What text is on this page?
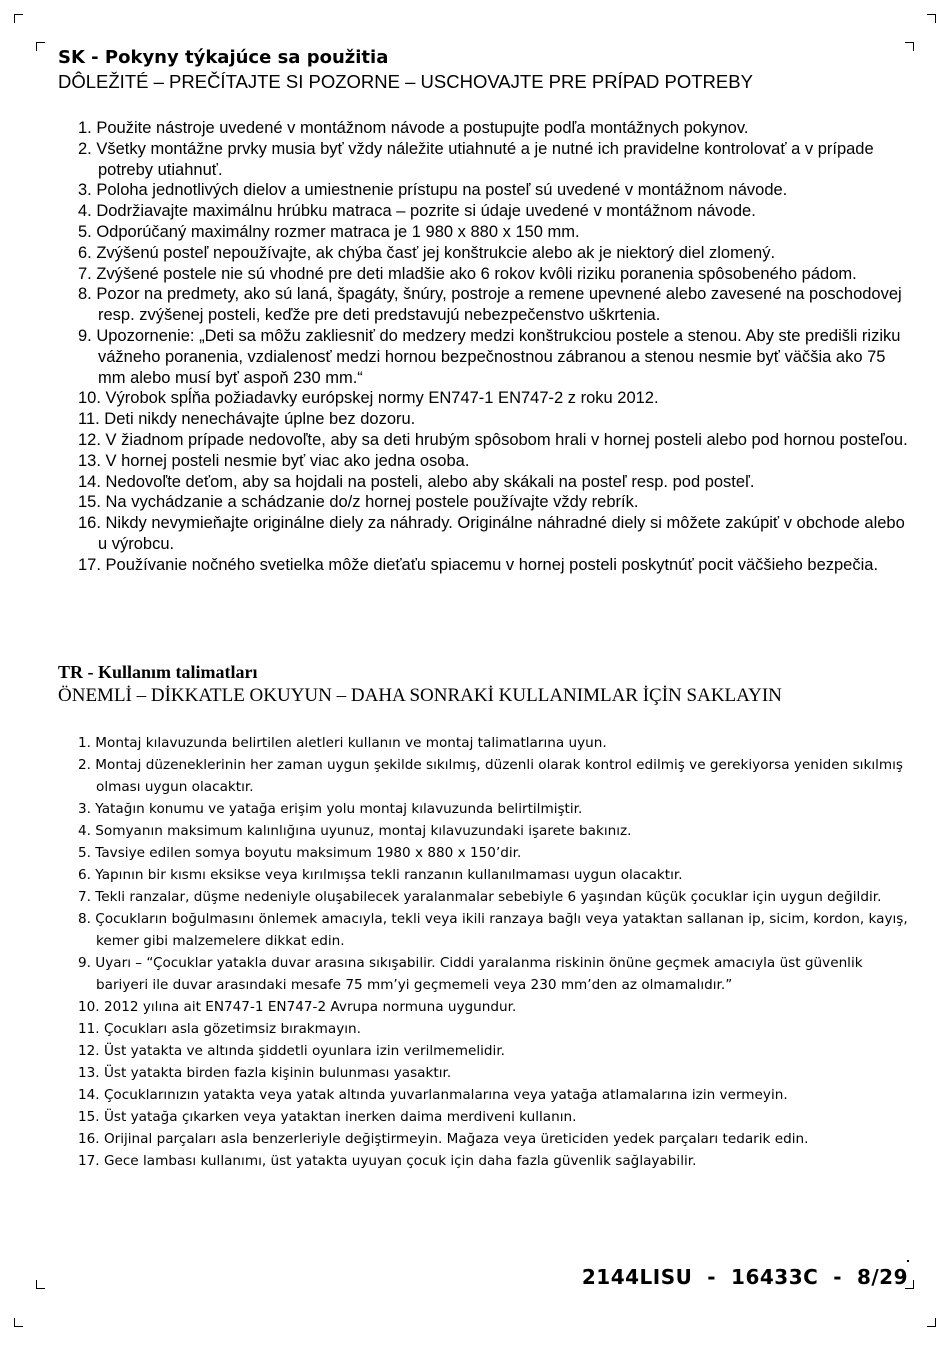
SK - Pokyny týkajúce sa použitia

DÔLEŽITÉ – PREČÍTAJTE SI POZORNE – USCHOVAJTE PRE PRÍPAD POTREBY

1. Použite nástroje uvedené v montážnom návode a postupujte podľa montážnych pokynov.
2. Všetky montážne prvky musia byť vždy náležite utiahnuté a je nutné ich pravidelne kontrolovať a v prípade potreby utiahnuť.
3. Poloha jednotlivých dielov a umiestnenie prístupu na posteľ sú uvedené v montážnom návode.
4. Dodržiavajte maximálnu hrúbku matraca – pozrite si údaje uvedené v montážnom návode.
5. Odporúčaný maximálny rozmer matraca je 1 980 x 880 x 150 mm.
6. Zvýšenú posteľ nepoužívajte, ak chýba časť jej konštrukcie alebo ak je niektorý diel zlomený.
7. Zvýšené postele nie sú vhodné pre deti mladšie ako 6 rokov kvôli riziku poranenia spôsobeného pádom.
8. Pozor na predmety, ako sú laná, špagáty, šnúry, postroje a remene upevnené alebo zavesené na poschodovej resp. zvýšenej posteli, keďže pre deti predstavujú nebezpečenstvo uškrtenia.
9. Upozornenie: „Deti sa môžu zakliesniť do medzery medzi konštrukciou postele a stenou. Aby ste predišli riziku vážneho poranenia, vzdialenosť medzi hornou bezpečnostnou zábranou a stenou nesmie byť väčšia ako 75 mm alebo musí byť aspoň 230 mm.“
10. Výrobok spĺňa požiadavky európskej normy EN747-1 EN747-2 z roku 2012.
11. Deti nikdy nenechávajte úplne bez dozoru.
12. V žiadnom prípade nedovoľte, aby sa deti hrubým spôsobom hrali v hornej posteli alebo pod hornou posteľou.
13. V hornej posteli nesmie byť viac ako jedna osoba.
14. Nedovoľte deťom, aby sa hojdali na posteli, alebo aby skákali na posteľ resp. pod posteľ.
15. Na vychádzanie a schádzanie do/z hornej postele používajte vždy rebrík.
16. Nikdy nevymieňajte originálne diely za náhrady. Originálne náhradné diely si môžete zakúpiť v obchode alebo u výrobcu.
17. Používanie nočného svetielka môže dieťaťu spiacemu v hornej posteli poskytnúť pocit väčšieho bezpečia.
TR - Kullanım talimatları

ÖNEMLİ – DİKKATLE OKUYUN – DAHA SONRAKİ KULLANIMLAR İÇİN SAKLAYIN

1. Montaj kılavuzunda belirtilen aletleri kullanın ve montaj talimatlarına uyun.
2. Montaj düzeneklerinin her zaman uygun şekilde sıkılmış, düzenli olarak kontrol edilmiş ve gerekiyorsa yeniden sıkılmış olması uygun olacaktır.
3. Yatağın konumu ve yatağa erişim yolu montaj kılavuzunda belirtilmiştir.
4. Somyanın maksimum kalınlığına uyunuz, montaj kılavuzundaki işarete bakınız.
5. Tavsiye edilen somya boyutu maksimum 1980 x 880 x 150’dir.
6. Yapının bir kısmı eksikse veya kırılmışsa tekli ranzanın kullanılmaması uygun olacaktır.
7. Tekli ranzalar, düşme nedeniyle oluşabilecek yaralanmalar sebebiyle 6 yaşından küçük çocuklar için uygun değildir.
8. Çocukların boğulmasını önlemek amacıyla, tekli veya ikili ranzaya bağlı veya yataktan sallanan ip, sicim, kordon, kayış, kemer gibi malzemelere dikkat edin.
9. Uyarı – “Çocuklar yatakla duvar arasına sıkışabilir. Ciddi yaralanma riskinin önüne geçmek amacıyla üst güvenlik bariyeri ile duvar arasındaki mesafe 75 mm’yi geçmemeli veya 230 mm’den az olmamalıdır.”
10. 2012 yılına ait EN747-1 EN747-2 Avrupa normuna uygundur.
11. Çocukları asla gözetimsiz bırakmayın.
12. Üst yatakta ve altında şiddetli oyunlara izin verilmemelidir.
13. Üst yatakta birden fazla kişinin bulunması yasaktır.
14. Çocuklarınızın yatakta veya yatak altında yuvarlanmalarına veya yatağa atlamalarına izin vermeyin.
15. Üst yatağa çıkarken veya yataktan inerken daima merdiveni kullanın.
16. Orijinal parçaları asla benzerleriyle değiştirmeyin. Mağaza veya üreticiden yedek parçaları tedarik edin.
17. Gece lambası kullanımı, üst yatakta uyuyan çocuk için daha fazla güvenlik sağlayabilir.
2144LISU  -  16433C  -  8/29
